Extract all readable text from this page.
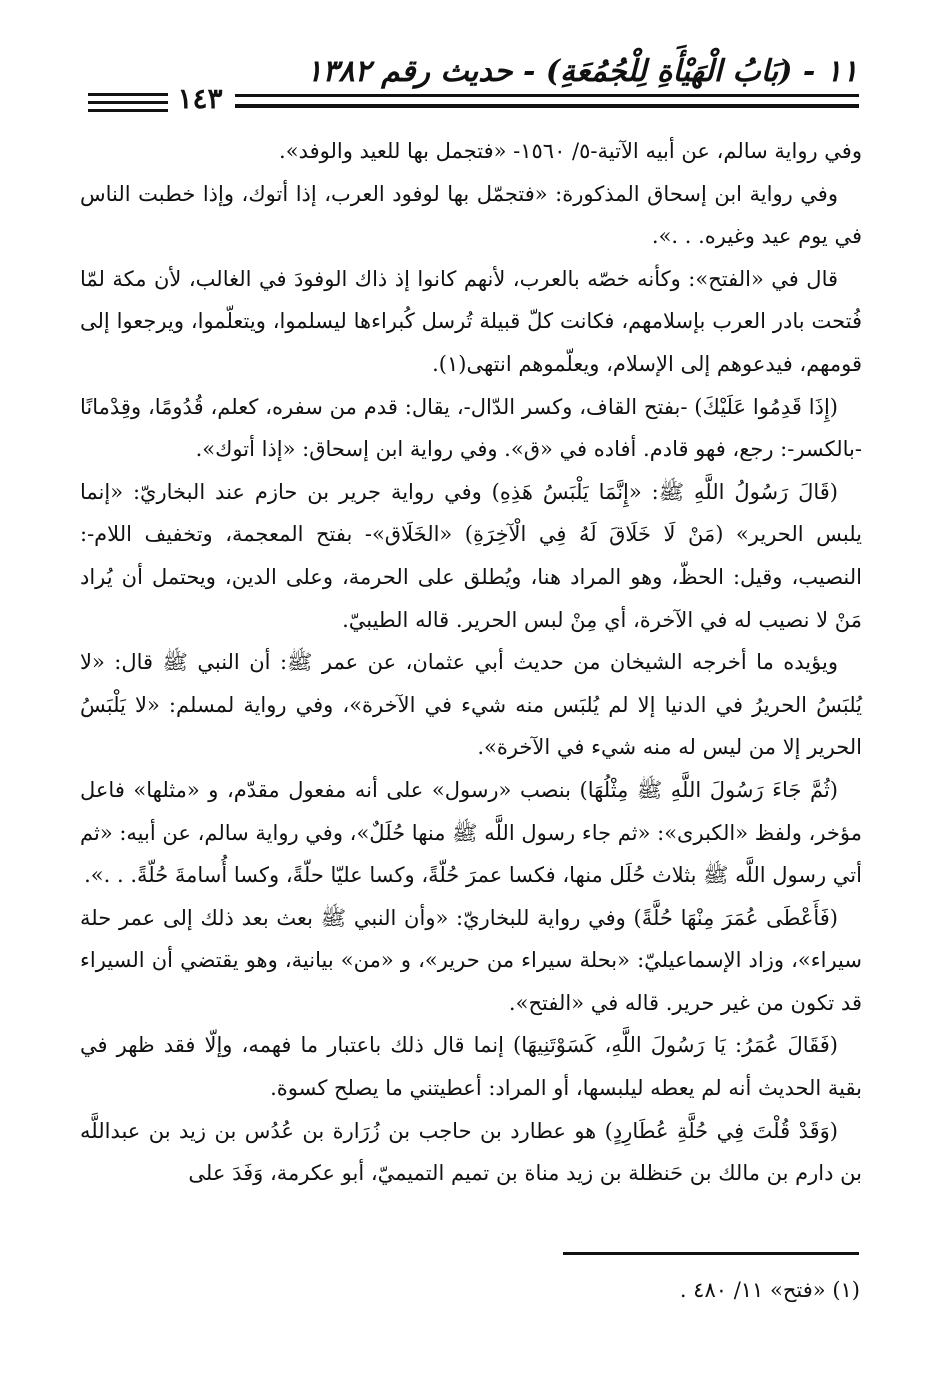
١١ - (بَابُ الْهَيْأَةِ لِلْجُمُعَةِ) - حديث رقم ١٣٨٢
١٤٣

وفي رواية سالم، عن أبيه الآتية-٥/ ١٥٦٠- «فتجمل بها للعيد والوفد».

وفي رواية ابن إسحاق المذكورة: «فتجمّل بها لوفود العرب، إذا أتوك، وإذا خطبت الناس في يوم عيد وغيره. . .».

قال في «الفتح»: وكأنه خصّه بالعرب، لأنهم كانوا إذ ذاك الوفودَ في الغالب، لأن مكة لمّا فُتحت بادر العرب بإسلامهم، فكانت كلّ قبيلة تُرسل كُبراءها ليسلموا، ويتعلّموا، ويرجعوا إلى قومهم، فيدعوهم إلى الإسلام، ويعلّموهم انتهى(١).

(إِذَا قَدِمُوا عَلَيْكَ) -بفتح القاف، وكسر الدّال-، يقال: قدم من سفره، كعلم، قُدُومًا، وقِدْمانًا -بالكسر-: رجع، فهو قادم. أفاده في «ق». وفي رواية ابن إسحاق: «إذا أتوك».

(قَالَ رَسُولُ اللَّهِ ﷺ: «إِنَّمَا يَلْبَسُ هَذِهِ) وفي رواية جرير بن حازم عند البخاريّ: «إنما يلبس الحرير» (مَنْ لَا خَلَاقَ لَهُ فِي الْآخِرَةِ) «الخَلَاق»- بفتح المعجمة، وتخفيف اللام-: النصيب، وقيل: الحظّ، وهو المراد هنا، ويُطلق على الحرمة، وعلى الدين، ويحتمل أن يُراد مَنْ لا نصيب له في الآخرة، أي مِنْ لبس الحرير. قاله الطيبيّ.

ويؤيده ما أخرجه الشيخان من حديث أبي عثمان، عن عمر ﷺ: أن النبي ﷺ قال: «لا يُلبَسُ الحريرُ في الدنيا إلا لم يُلبَس منه شيء في الآخرة»، وفي رواية لمسلم: «لا يَلْبَسُ الحرير إلا من ليس له منه شيء في الآخرة».

(ثُمَّ جَاءَ رَسُولَ اللَّهِ ﷺ مِثْلُهَا) بنصب «رسول» على أنه مفعول مقدّم، و «مثلها» فاعل مؤخر، ولفظ «الكبرى»: «ثم جاء رسول اللَّه ﷺ منها حُلَلٌ»، وفي رواية سالم، عن أبيه: «ثم أتي رسول اللَّه ﷺ بثلاث حُلَل منها، فكسا عمرَ حُلّةً، وكسا عليّا حلّةً، وكسا أُسامةَ حُلّةً. . .».

(فَأَعْطَى عُمَرَ مِنْهَا حُلَّةً) وفي رواية للبخاريّ: «وأن النبي ﷺ بعث بعد ذلك إلى عمر حلة سيراء»، وزاد الإسماعيليّ: «بحلة سيراء من حرير»، و «من» بيانية، وهو يقتضي أن السيراء قد تكون من غير حرير. قاله في «الفتح».

(فَقَالَ عُمَرُ: يَا رَسُولَ اللَّهِ، كَسَوْتَنِيهَا) إنما قال ذلك باعتبار ما فهمه، وإلّا فقد ظهر في بقية الحديث أنه لم يعطه ليلبسها، أو المراد: أعطيتني ما يصلح كسوة.

(وَقَدْ قُلْتَ فِي حُلَّةِ عُطَارِدٍ) هو عطارد بن حاجب بن زُرَارة بن عُدُس بن زيد بن عبداللَّه بن دارم بن مالك بن حَنظلة بن زيد مناة بن تميم التميميّ، أبو عكرمة، وَفَدَ على

(١) «فتح» ١١/ ٤٨٠ .
